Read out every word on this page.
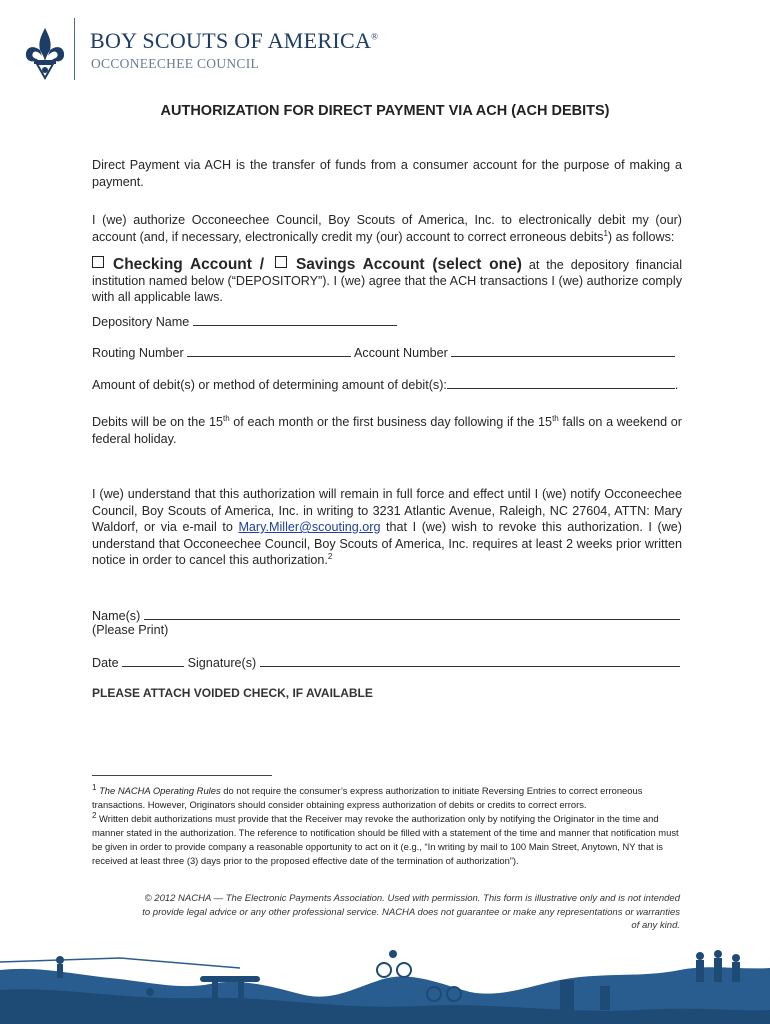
BOY SCOUTS OF AMERICA®
OCCONEECHEE COUNCIL
AUTHORIZATION FOR DIRECT PAYMENT VIA ACH (ACH DEBITS)
Direct Payment via ACH is the transfer of funds from a consumer account for the purpose of making a payment.
I (we) authorize Occoneechee Council, Boy Scouts of America, Inc. to electronically debit my (our) account (and, if necessary, electronically credit my (our) account to correct erroneous debits$^1$) as follows:
Checking Account / Savings Account (select one) at the depository financial institution named below (“DEPOSITORY”). I (we) agree that the ACH transactions I (we) authorize comply with all applicable laws.
Depository Name
Routing Number	Account Number
Amount of debit(s) or method of determining amount of debit(s):	.
Debits will be on the 15th of each month or the first business day following if the 15th falls on a weekend or federal holiday.
I (we) understand that this authorization will remain in full force and effect until I (we) notify Occoneechee Council, Boy Scouts of America, Inc. in writing to 3231 Atlantic Avenue, Raleigh, NC 27604, ATTN: Mary Waldorf, or via e-mail to Mary.Miller@scouting.org that I (we) wish to revoke this authorization. I (we) understand that Occoneechee Council, Boy Scouts of America, Inc. requires at least 2 weeks prior written notice in order to cancel this authorization.$^2$
Name(s)
(Please Print)
Date	Signature(s)
PLEASE ATTACH VOIDED CHECK, IF AVAILABLE
$^1$ The NACHA Operating Rules do not require the consumer’s express authorization to initiate Reversing Entries to correct erroneous transactions. However, Originators should consider obtaining express authorization of debits or credits to correct errors.
$^2$ Written debit authorizations must provide that the Receiver may revoke the authorization only by notifying the Originator in the time and manner stated in the authorization. The reference to notification should be filled with a statement of the time and manner that notification must be given in order to provide company a reasonable opportunity to act on it (e.g., “In writing by mail to 100 Main Street, Anytown, NY that is received at least three (3) days prior to the proposed effective date of the termination of authorization”).
© 2012 NACHA — The Electronic Payments Association. Used with permission. This form is illustrative only and is not intended to provide legal advice or any other professional service. NACHA does not guarantee or make any representations or warranties of any kind.
